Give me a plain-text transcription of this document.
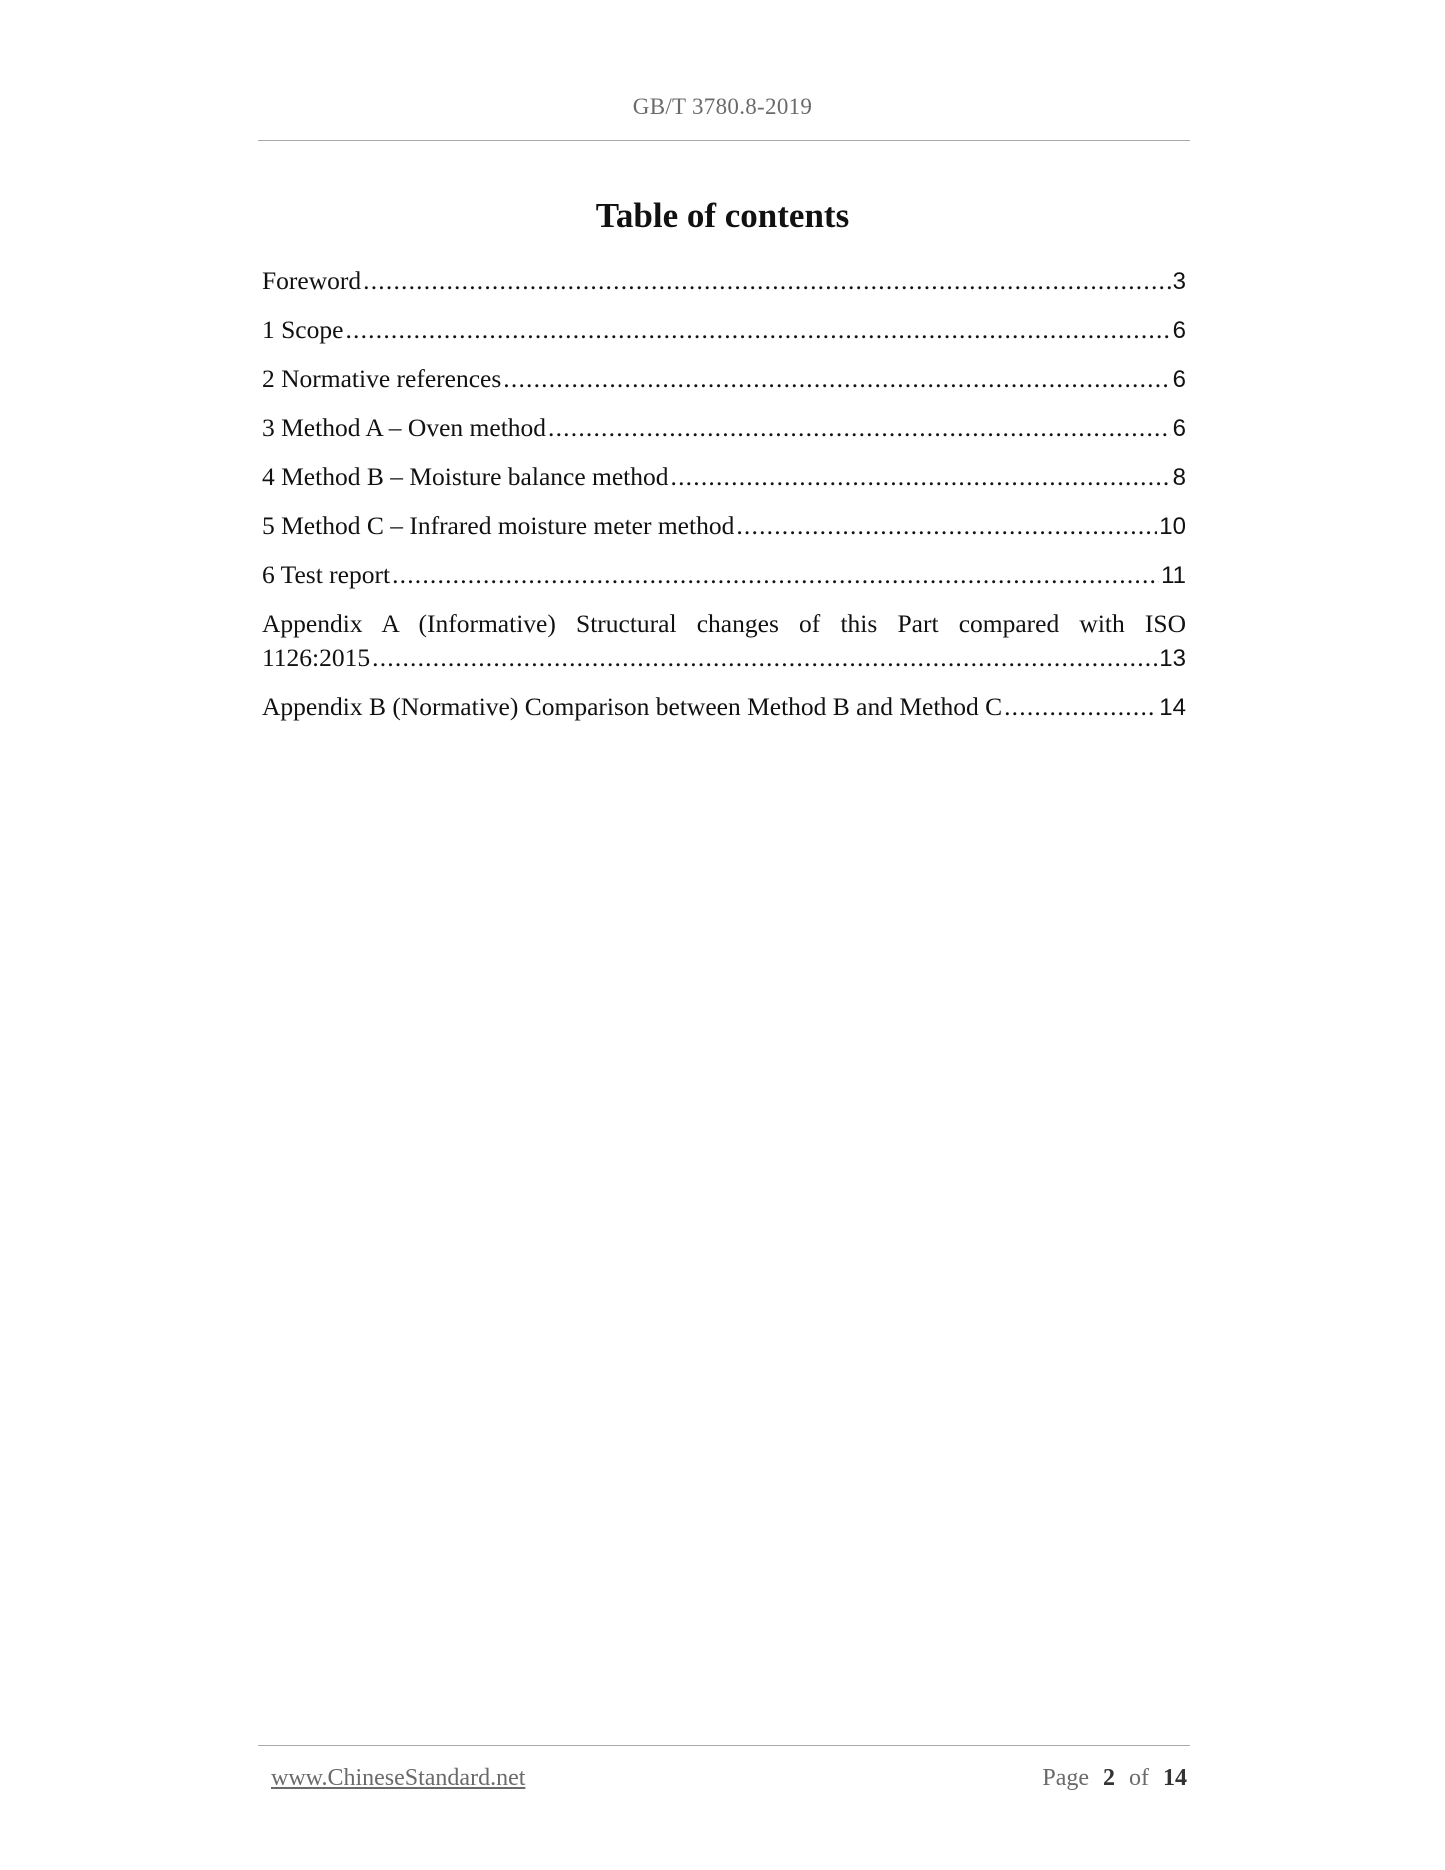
GB/T 3780.8-2019
Table of contents
Foreword .....	3
1 Scope .....	6
2 Normative references .....	6
3 Method A – Oven method .....	6
4 Method B – Moisture balance method .....	8
5 Method C – Infrared moisture meter method .....	10
6 Test report .....	11
Appendix A (Informative) Structural changes of this Part compared with ISO
1126:2015 .....	13
Appendix B (Normative) Comparison between Method B and Method C .....	14
www.ChineseStandard.net	Page 2 of 14
